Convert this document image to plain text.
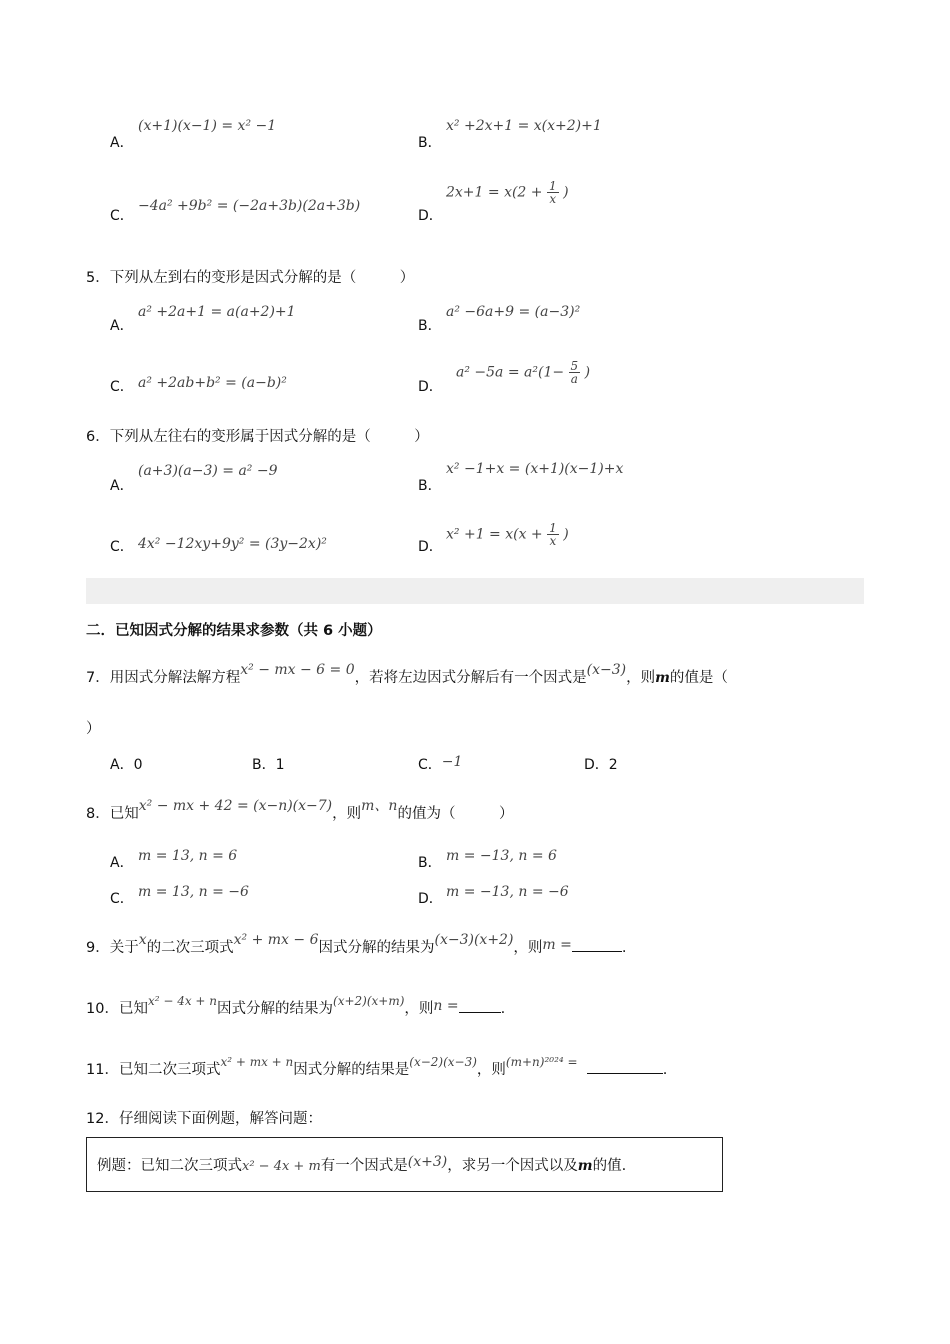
A．
(x+1)(x−1) = x² −1
B．
x² +2x+1 = x(x+2)+1
C．
−4a² +9b² = (−2a+3b)(2a+3b)
D．
$2x+1 = x(2 + \frac{1}{x}$ )
5．下列从左到右的变形是因式分解的是（　　　）
A．
a² +2a+1 = a(a+2)+1
B．
a² −6a+9 = (a−3)²
C． a² +2ab+b² = (a−b)²	D．
$a^2 -5a = a^2(1- \frac{5}{a}$ )
6．下列从左往右的变形属于因式分解的是（　　　）
A．
(a+3)(a−3) = a² −9
B．
x² −1+x = (x+1)(x−1)+x
C． 4x² −12xy+9y² = (3y−2x)²	D．
$x^2 +1 = x(x + \frac{1}{x}$ )
二．已知因式分解的结果求参数（共 6 小题）
7．用因式分解法解方程x² − mx − 6 = 0，若将左边因式分解后有一个因式是(x−3)，则m的值是（
）
A．0	B．1	C．−1	D．2
8．已知x² − mx + 42 = (x−n)(x−7)，则m、n的值为（　　　）
A． m = 13, n = 6	B． m = −13, n = 6
C． m = 13, n = −6	D． m = −13, n = −6
9．关于x的二次三项式x² + mx − 6因式分解的结果为(x−3)(x+2)，则m =	.
10．已知$^{x^2 - 4x + n}$因式分解的结果为$^{(x+2)(x+m)}$，则n =	.
11．已知二次三项式$^{x^2 + mx + n}$因式分解的结果是$^{(x-2)(x-3)}$，则$^{(m+n)^{2024} =}$	.
12．仔细阅读下面例题，解答问题：
例题：已知二次三项式x² − 4x + m有一个因式是(x+3)，求另一个因式以及m的值.
